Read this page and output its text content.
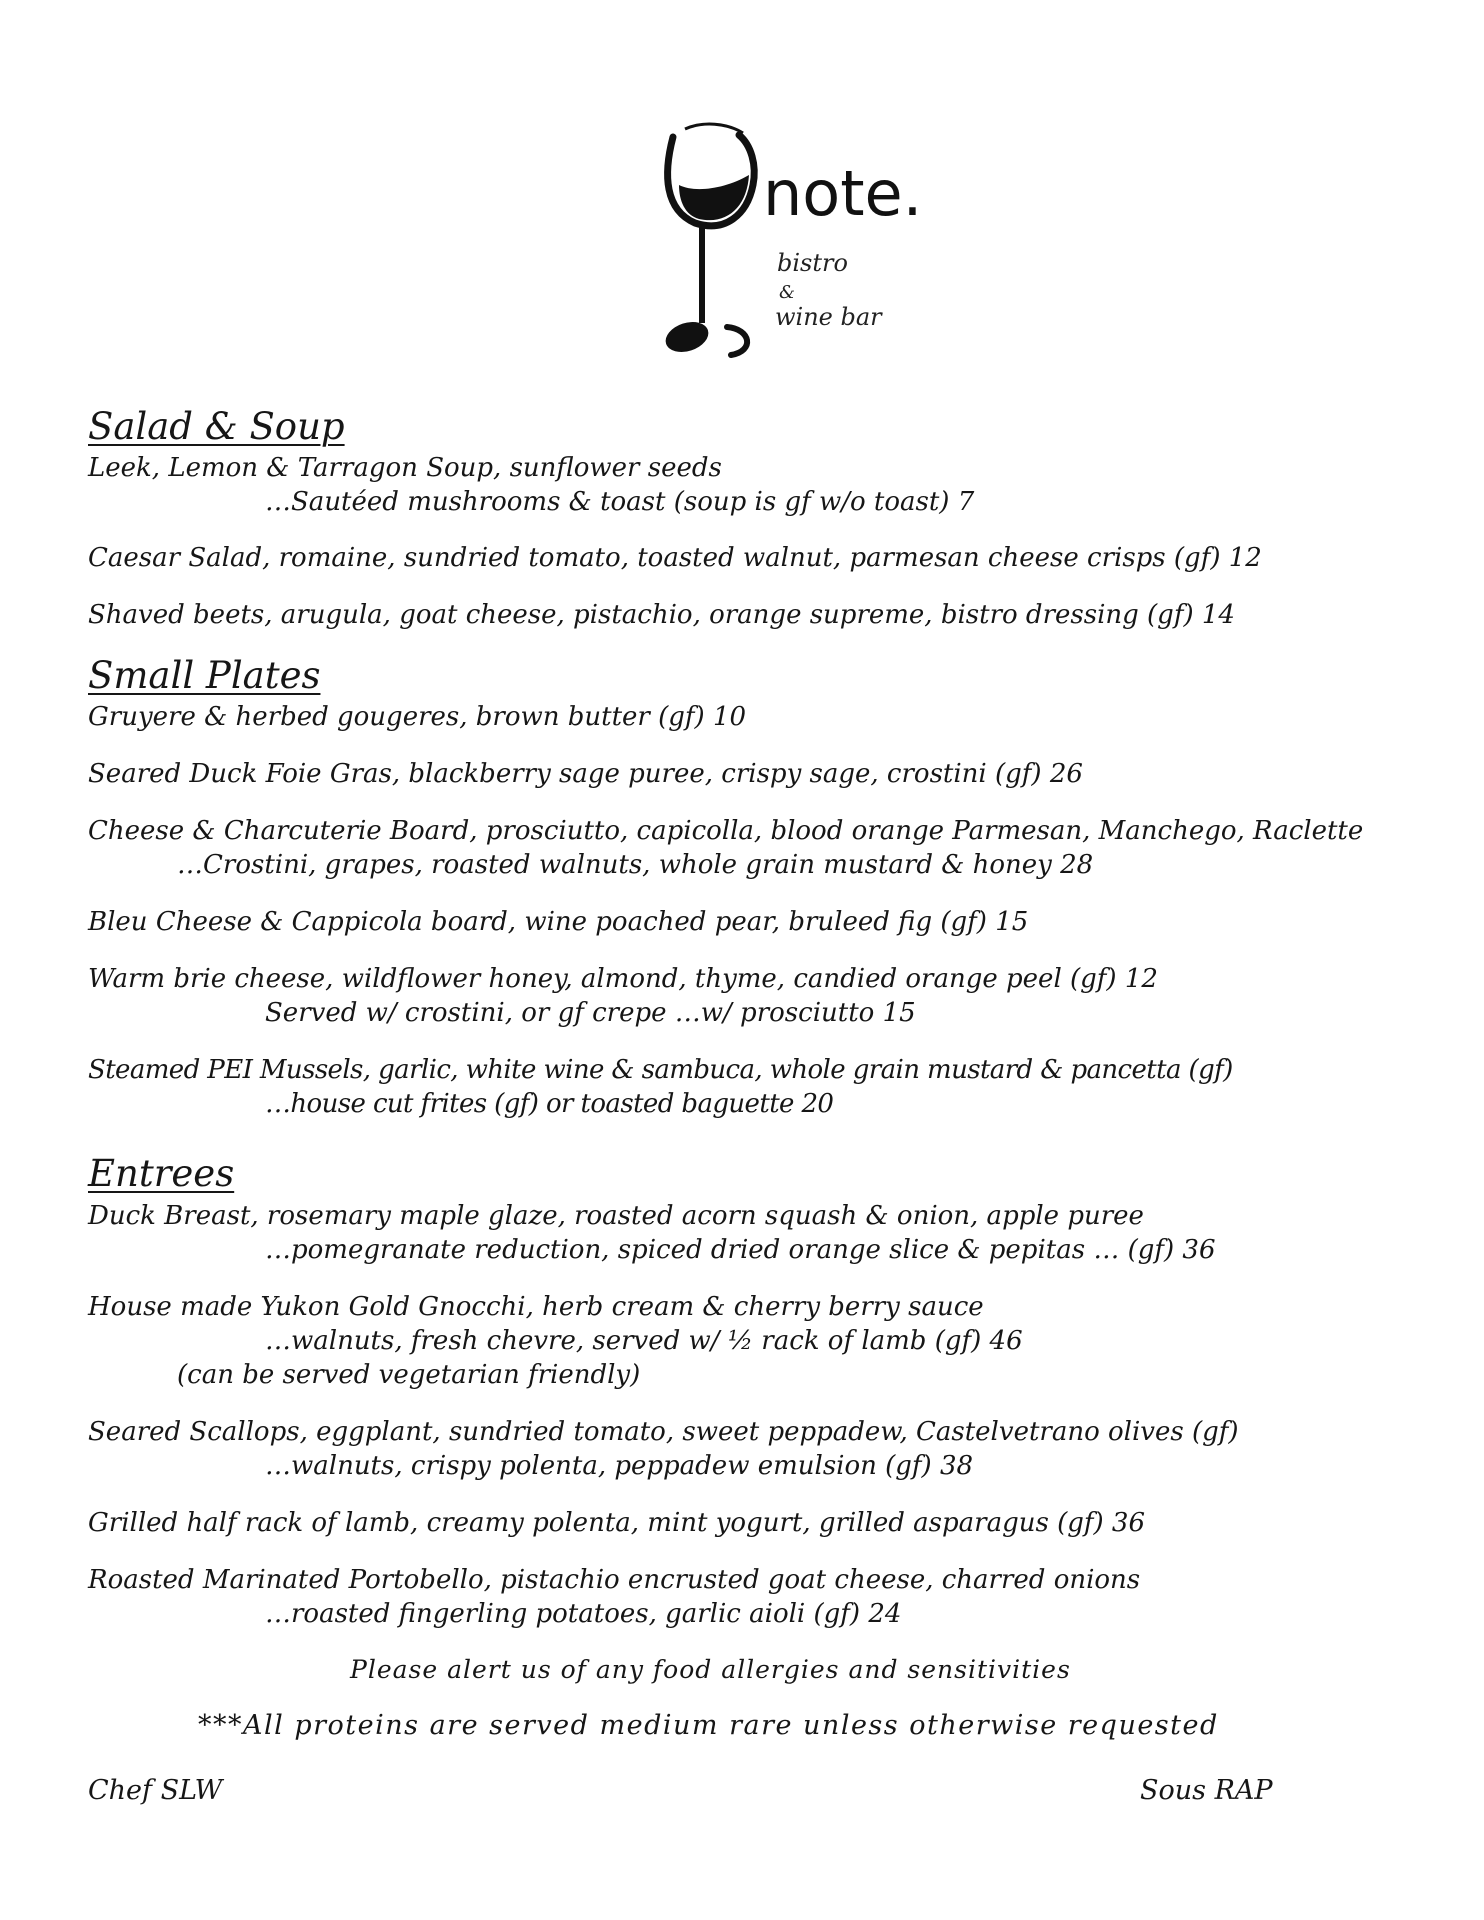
note.
bistro
&
wine bar
Salad & Soup
Leek, Lemon & Tarragon Soup, sunflower seeds
…Sautéed mushrooms & toast (soup is gf w/o toast) 7
Caesar Salad, romaine, sundried tomato, toasted walnut, parmesan cheese crisps (gf) 12
Shaved beets, arugula, goat cheese, pistachio, orange supreme, bistro dressing (gf) 14
Small Plates
Gruyere & herbed gougeres, brown butter (gf) 10
Seared Duck Foie Gras, blackberry sage puree, crispy sage, crostini (gf) 26
Cheese & Charcuterie Board, prosciutto, capicolla, blood orange Parmesan, Manchego, Raclette
…Crostini, grapes, roasted walnuts, whole grain mustard & honey 28
Bleu Cheese & Cappicola board, wine poached pear, bruleed fig (gf) 15
Warm brie cheese, wildflower honey, almond, thyme, candied orange peel (gf) 12
Served w/ crostini, or gf crepe …w/ prosciutto 15
Steamed PEI Mussels, garlic, white wine & sambuca, whole grain mustard & pancetta (gf)
…house cut frites (gf) or toasted baguette 20
Entrees
Duck Breast, rosemary maple glaze, roasted acorn squash & onion, apple puree
…pomegranate reduction, spiced dried orange slice & pepitas … (gf) 36
House made Yukon Gold Gnocchi, herb cream & cherry berry sauce
…walnuts, fresh chevre, served w/ ½ rack of lamb (gf) 46
(can be served vegetarian friendly)
Seared Scallops, eggplant, sundried tomato, sweet peppadew, Castelvetrano olives (gf)
…walnuts, crispy polenta, peppadew emulsion (gf) 38
Grilled half rack of lamb, creamy polenta, mint yogurt, grilled asparagus (gf) 36
Roasted Marinated Portobello, pistachio encrusted goat cheese, charred onions
…roasted fingerling potatoes, garlic aioli (gf) 24
Please alert us of any food allergies and sensitivities
***All proteins are served medium rare unless otherwise requested
Chef SLW	Sous RAP
